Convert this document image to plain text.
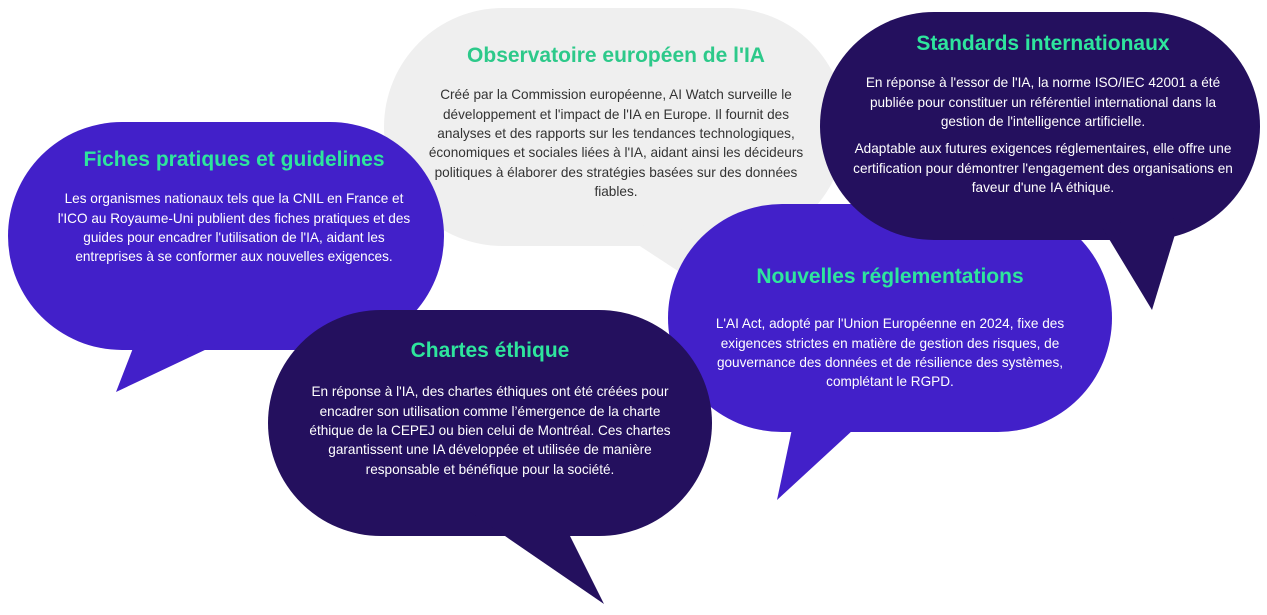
Fiches pratiques et guidelines

Les organismes nationaux tels que la CNIL en France et l'ICO au Royaume-Uni publient des fiches pratiques et des guides pour encadrer l'utilisation de l'IA, aidant les entreprises à se conformer aux nouvelles exigences.

Observatoire européen de l'IA

Créé par la Commission européenne, AI Watch surveille le développement et l'impact de l'IA en Europe. Il fournit des analyses et des rapports sur les tendances technologiques, économiques et sociales liées à l'IA, aidant ainsi les décideurs politiques à élaborer des stratégies basées sur des données fiables.

Standards internationaux

En réponse à l'essor de l'IA, la norme ISO/IEC 42001 a été publiée pour constituer un référentiel international dans la gestion de l'intelligence artificielle.

Adaptable aux futures exigences réglementaires, elle offre une certification pour démontrer l'engagement des organisations en faveur d'une IA éthique.

Nouvelles réglementations

L'AI Act, adopté par l'Union Européenne en 2024, fixe des exigences strictes en matière de gestion des risques, de gouvernance des données et de résilience des systèmes, complétant le RGPD.

Chartes éthique

En réponse à l'IA, des chartes éthiques ont été créées pour encadrer son utilisation comme l’émergence de la charte éthique de la CEPEJ ou bien celui de Montréal. Ces chartes garantissent une IA développée et utilisée de manière responsable et bénéfique pour la société.
